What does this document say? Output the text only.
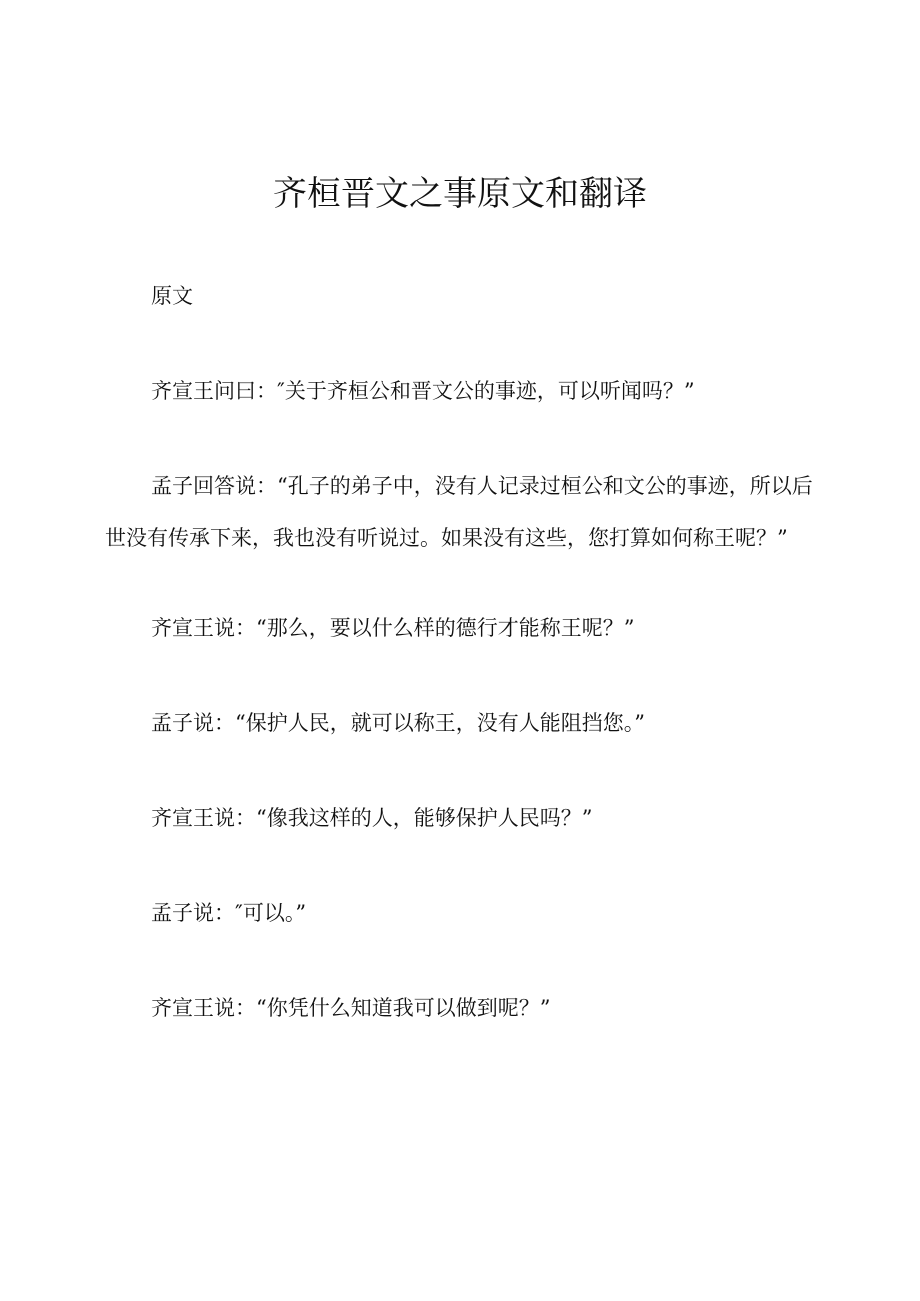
齐桓晋文之事原文和翻译

原文

齐宣王问曰：″关于齐桓公和晋文公的事迹，可以听闻吗？”

孟子回答说：“孔子的弟子中，没有人记录过桓公和文公的事迹，所以后世没有传承下来，我也没有听说过。如果没有这些，您打算如何称王呢？”

齐宣王说：“那么，要以什么样的德行才能称王呢？”

孟子说：“保护人民，就可以称王，没有人能阻挡您。”

齐宣王说：“像我这样的人，能够保护人民吗？”

孟子说：″可以。”

齐宣王说：“你凭什么知道我可以做到呢？”
